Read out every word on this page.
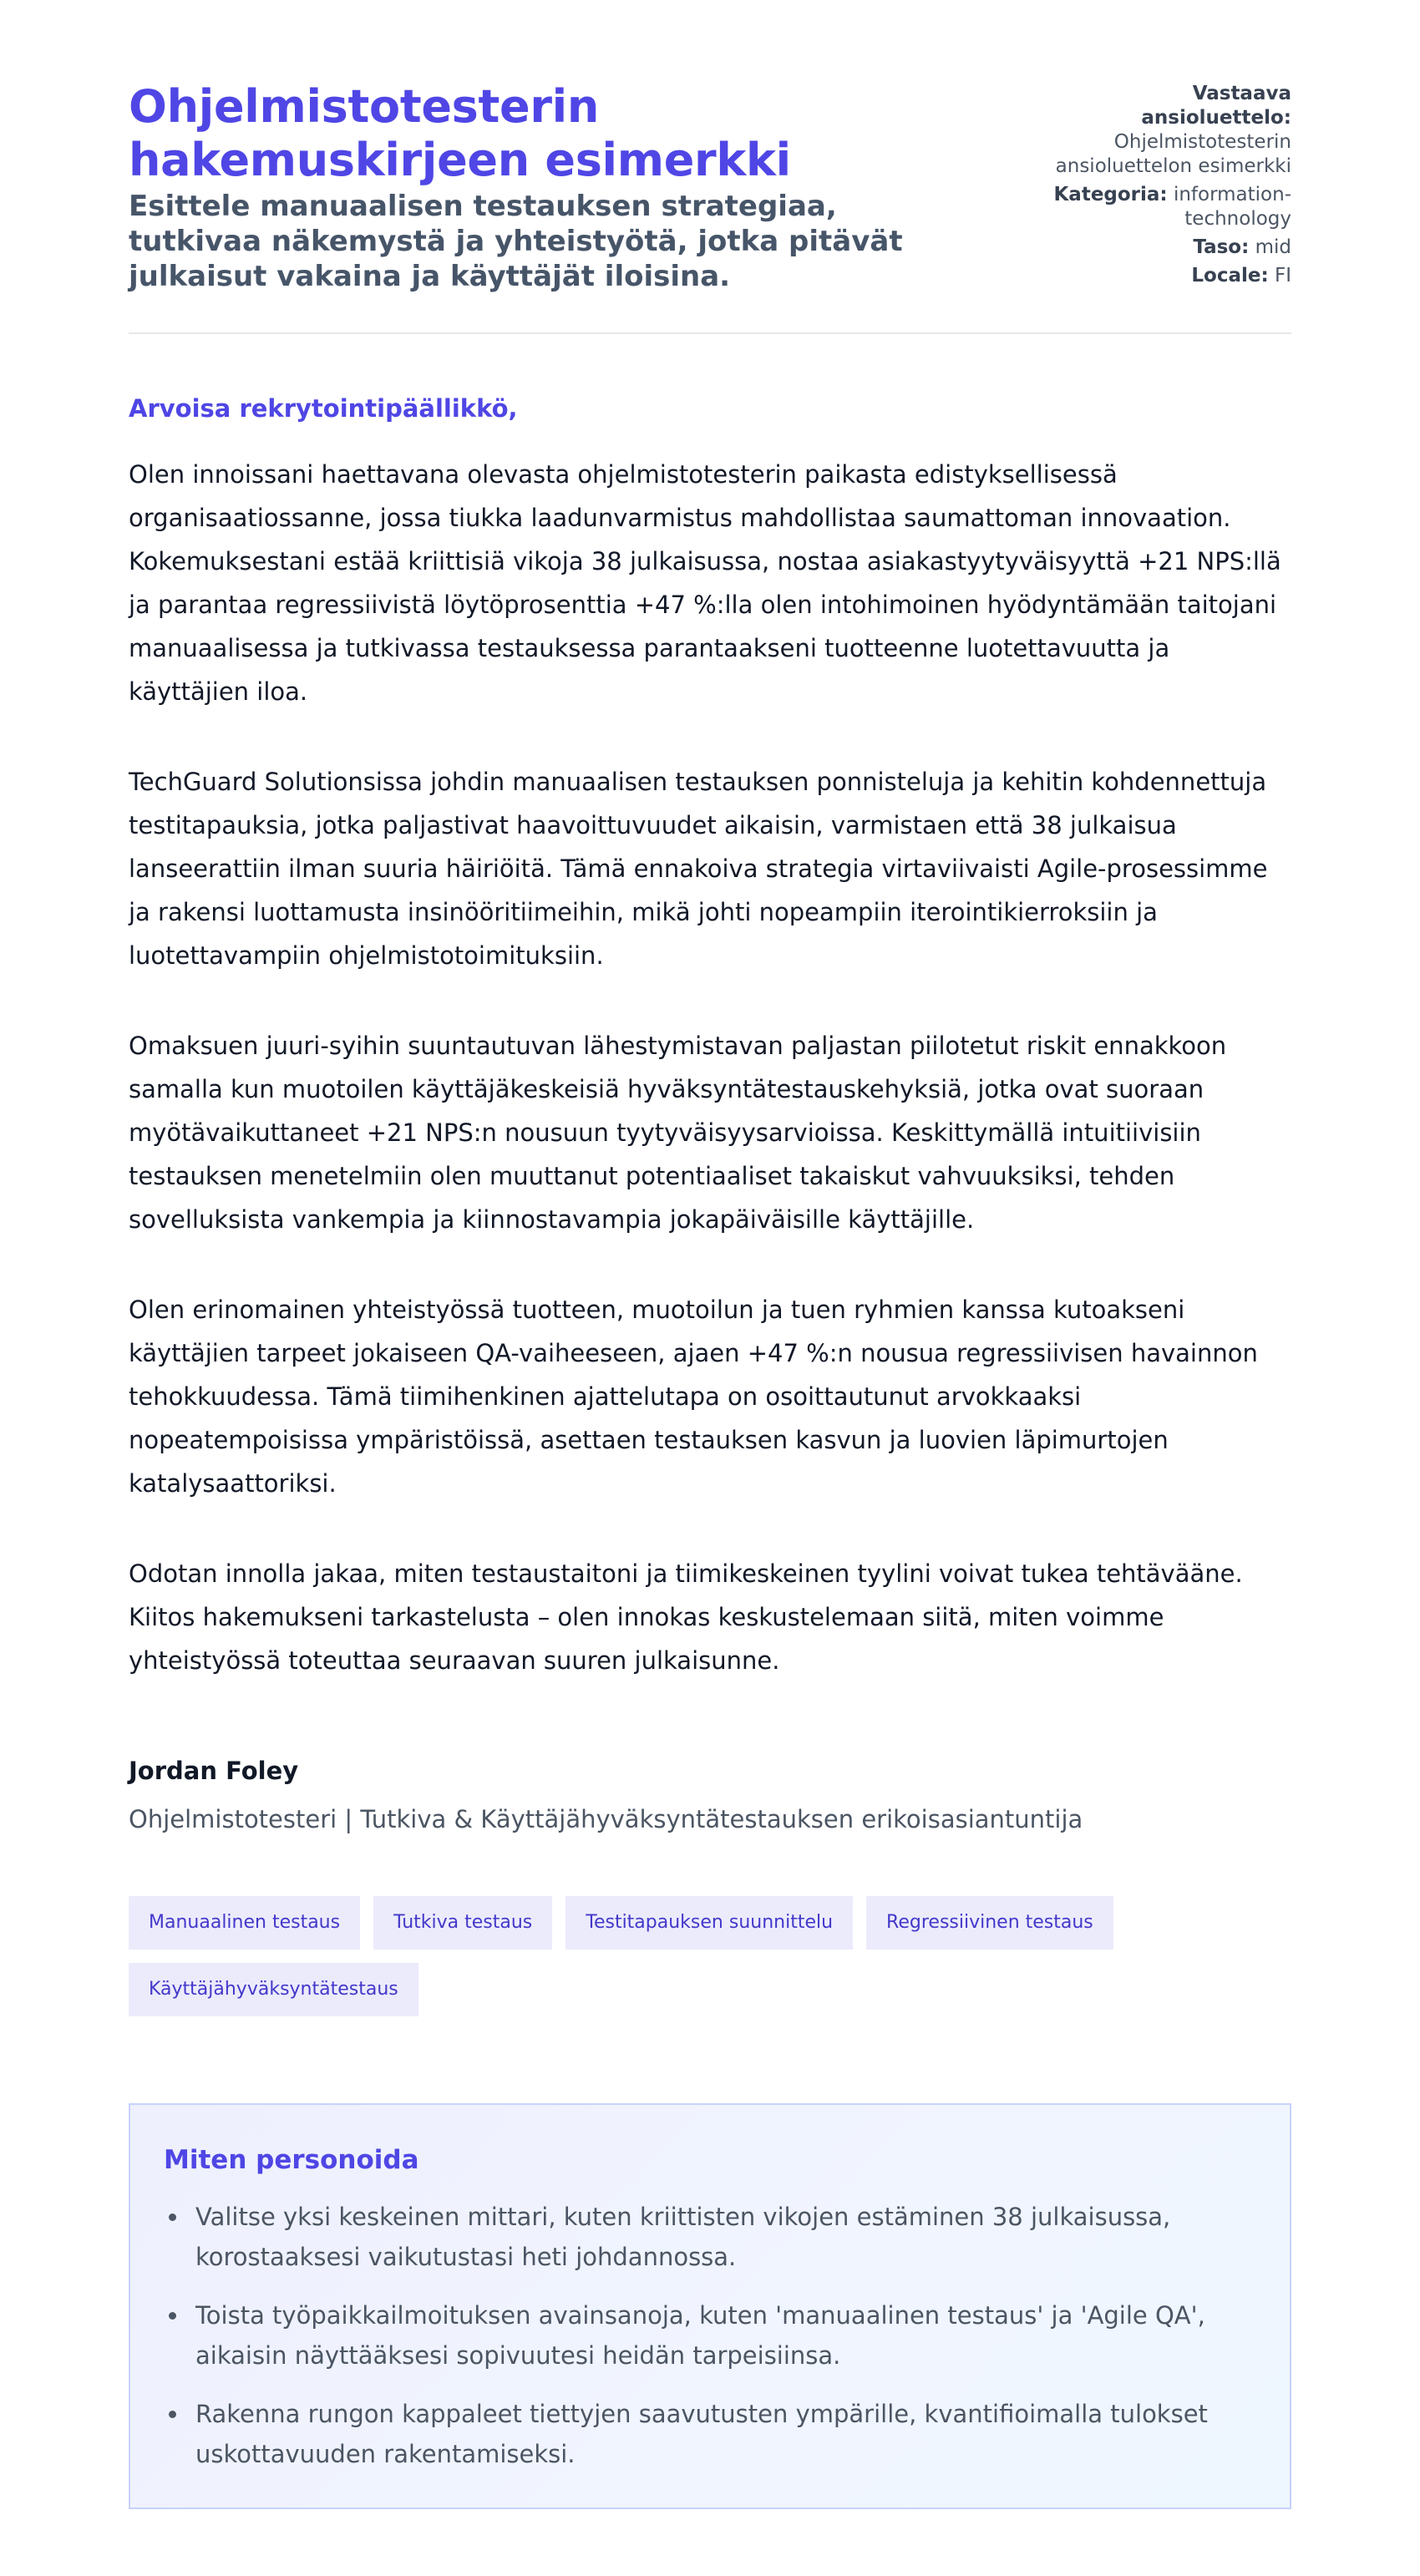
Ohjelmistotesterin hakemuskirjeen esimerkki
Esittele manuaalisen testauksen strategiaa, tutkivaa näkemystä ja yhteistyötä, jotka pitävät julkaisut vakaina ja käyttäjät iloisina.
Vastaava ansioluettelo: Ohjelmistotesterin ansioluettelon esimerkki
Kategoria: information-technology
Taso: mid
Locale: FI

Arvoisa rekrytointipäällikkö,

Olen innoissani haettavana olevasta ohjelmistotesterin paikasta edistyksellisessä organisaatiossanne, jossa tiukka laadunvarmistus mahdollistaa saumattoman innovaation. Kokemuksestani estää kriittisiä vikoja 38 julkaisussa, nostaa asiakastyytyväisyyttä +21 NPS:llä ja parantaa regressiivistä löytöprosenttia +47 %:lla olen intohimoinen hyödyntämään taitojani manuaalisessa ja tutkivassa testauksessa parantaakseni tuotteenne luotettavuutta ja käyttäjien iloa.

TechGuard Solutionsissa johdin manuaalisen testauksen ponnisteluja ja kehitin kohdennettuja testitapauksia, jotka paljastivat haavoittuvuudet aikaisin, varmistaen että 38 julkaisua lanseerattiin ilman suuria häiriöitä. Tämä ennakoiva strategia virtaviivaisti Agile-prosessimme ja rakensi luottamusta insinööritiimeihin, mikä johti nopeampiin iterointikierroksiin ja luotettavampiin ohjelmistotoimituksiin.

Omaksuen juuri-syihin suuntautuvan lähestymistavan paljastan piilotetut riskit ennakkoon samalla kun muotoilen käyttäjäkeskeisiä hyväksyntätestauskehyksiä, jotka ovat suoraan myötävaikuttaneet +21 NPS:n nousuun tyytyväisyysarvioissa. Keskittymällä intuitiivisiin testauksen menetelmiin olen muuttanut potentiaaliset takaiskut vahvuuksiksi, tehden sovelluksista vankempia ja kiinnostavampia jokapäiväisille käyttäjille.

Olen erinomainen yhteistyössä tuotteen, muotoilun ja tuen ryhmien kanssa kutoakseni käyttäjien tarpeet jokaiseen QA-vaiheeseen, ajaen +47 %:n nousua regressiivisen havainnon tehokkuudessa. Tämä tiimihenkinen ajattelutapa on osoittautunut arvokkaaksi nopeatempoisissa ympäristöissä, asettaen testauksen kasvun ja luovien läpimurtojen katalysaattoriksi.

Odotan innolla jakaa, miten testaustaitoni ja tiimikeskeinen tyylini voivat tukea tehtävääne. Kiitos hakemukseni tarkastelusta – olen innokas keskustelemaan siitä, miten voimme yhteistyössä toteuttaa seuraavan suuren julkaisunne.

Jordan Foley
Ohjelmistotesteri | Tutkiva & Käyttäjähyväksyntätestauksen erikoisasiantuntija
Manuaalinen testaus	Tutkiva testaus	Testitapauksen suunnittelu	Regressiivinen testaus
Käyttäjähyväksyntätestaus
Miten personoida
Valitse yksi keskeinen mittari, kuten kriittisten vikojen estäminen 38 julkaisussa, korostaaksesi vaikutustasi heti johdannossa.
Toista työpaikkailmoituksen avainsanoja, kuten 'manuaalinen testaus' ja 'Agile QA', aikaisin näyttääksesi sopivuutesi heidän tarpeisiinsa.
Rakenna rungon kappaleet tiettyjen saavutusten ympärille, kvantifioimalla tulokset uskottavuuden rakentamiseksi.
